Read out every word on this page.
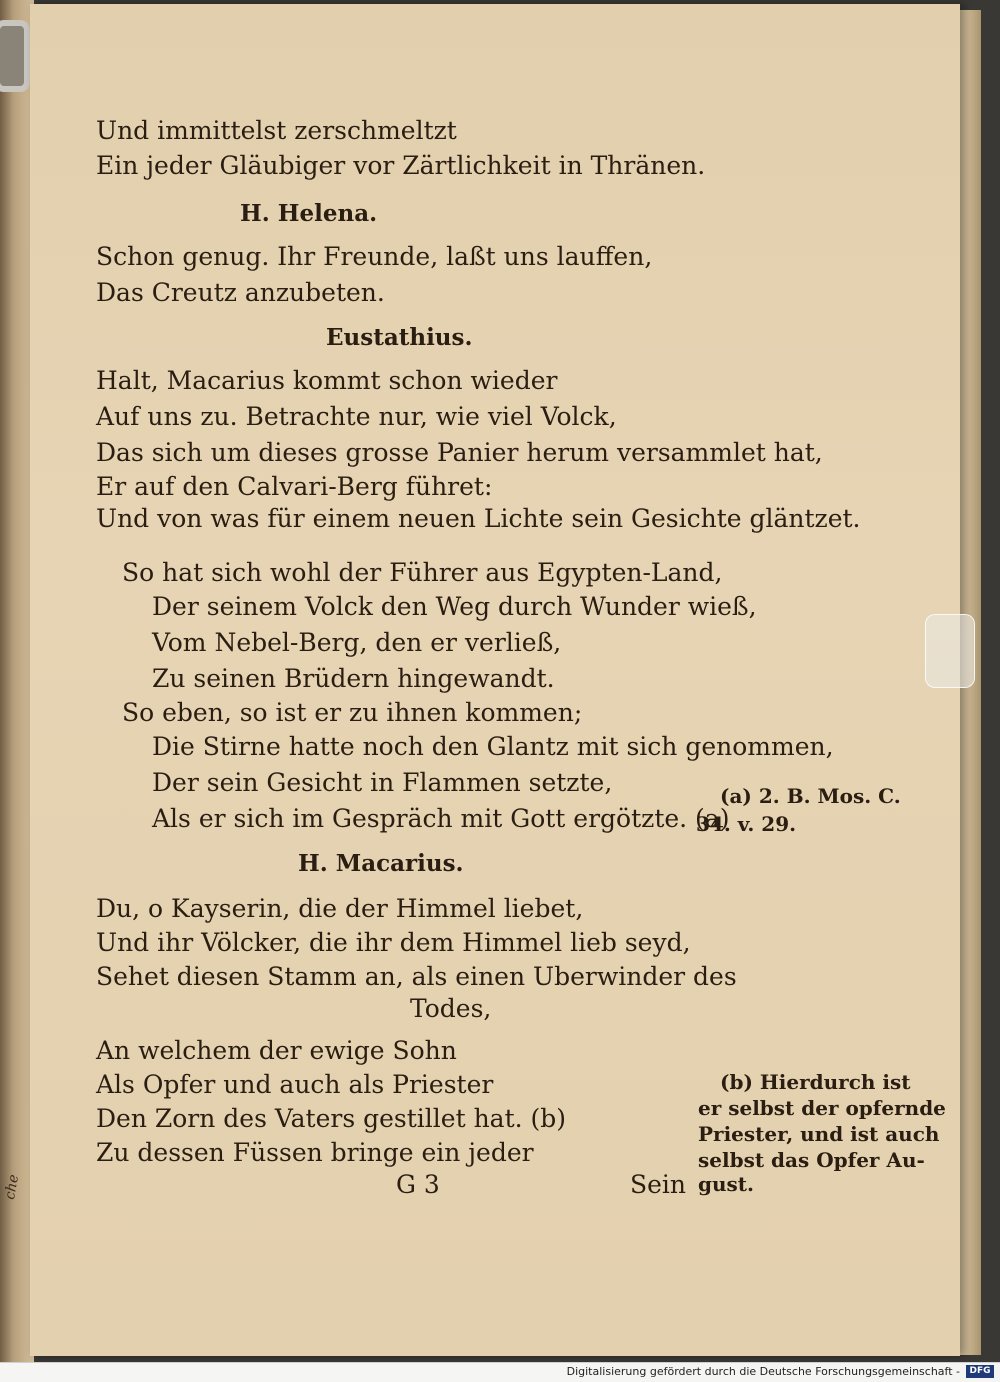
che
Und immittelst zerschmeltzt
Ein jeder Gläubiger vor Zärtlichkeit in Thränen.
H. Helena.
Schon genug. Ihr Freunde, laßt uns lauffen,
Das Creutz anzubeten.
Eustathius.
Halt, Macarius kommt schon wieder
Auf uns zu. Betrachte nur, wie viel Volck,
Das sich um dieses grosse Panier herum versammlet hat,
Er auf den Calvari-Berg führet:
Und von was für einem neuen Lichte sein Gesichte gläntzet.
So hat sich wohl der Führer aus Egypten-Land,
Der seinem Volck den Weg durch Wunder wieß,
Vom Nebel-Berg, den er verließ,
Zu seinen Brüdern hingewandt.
So eben, so ist er zu ihnen kommen;
Die Stirne hatte noch den Glantz mit sich genommen,
Der sein Gesicht in Flammen setzte,
Als er sich im Gespräch mit Gott ergötzte. (a)
(a) 2. B. Mos. C.
34. v. 29.
H. Macarius.
Du, o Kayserin, die der Himmel liebet,
Und ihr Völcker, die ihr dem Himmel lieb seyd,
Sehet diesen Stamm an, als einen Uberwinder des
Todes,
An welchem der ewige Sohn
Als Opfer und auch als Priester
Den Zorn des Vaters gestillet hat. (b)
Zu dessen Füssen bringe ein jeder
(b) Hierdurch ist
er selbst der opfernde
Priester, und ist auch
selbst das Opfer Au-
gust.
G 3	Sein
Digitalisierung gefördert durch die Deutsche Forschungsgemeinschaft -	DFG
